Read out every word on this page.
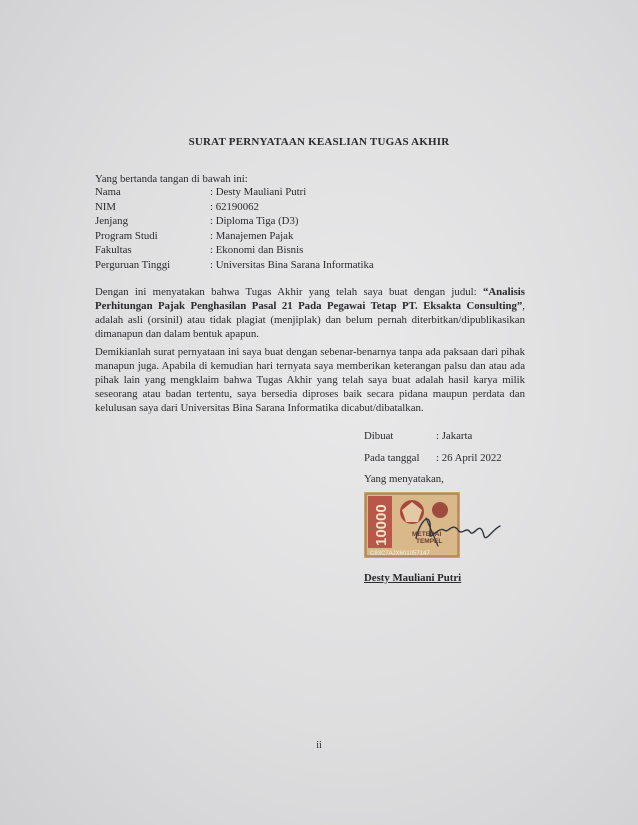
SURAT PERNYATAAN KEASLIAN TUGAS AKHIR
Yang bertanda tangan di bawah ini:
Nama	: Desty Mauliani Putri
NIM	: 62190062
Jenjang	: Diploma Tiga (D3)
Program Studi	: Manajemen Pajak
Fakultas	: Ekonomi dan Bisnis
Perguruan Tinggi	: Universitas Bina Sarana Informatika
Dengan ini menyatakan bahwa Tugas Akhir yang telah saya buat dengan judul: “Analisis Perhitungan Pajak Penghasilan Pasal 21 Pada Pegawai Tetap PT. Eksakta Consulting”, adalah asli (orsinil) atau tidak plagiat (menjiplak) dan belum pernah diterbitkan/dipublikasikan dimanapun dan dalam bentuk apapun.
Demikianlah surat pernyataan ini saya buat dengan sebenar-benarnya tanpa ada paksaan dari pihak manapun juga. Apabila di kemudian hari ternyata saya memberikan keterangan palsu dan atau ada pihak lain yang mengklaim bahwa Tugas Akhir yang telah saya buat adalah hasil karya milik seseorang atau badan tertentu, saya bersedia diproses baik secara pidana maupun perdata dan kelulusan saya dari Universitas Bina Sarana Informatika dicabut/dibatalkan.
Dibuat	: Jakarta
Pada tanggal : 26 April 2022
Yang menyatakan,
10000	METERAI
TEMPEL
C83C7AJX601057147
Desty Mauliani Putri
ii
